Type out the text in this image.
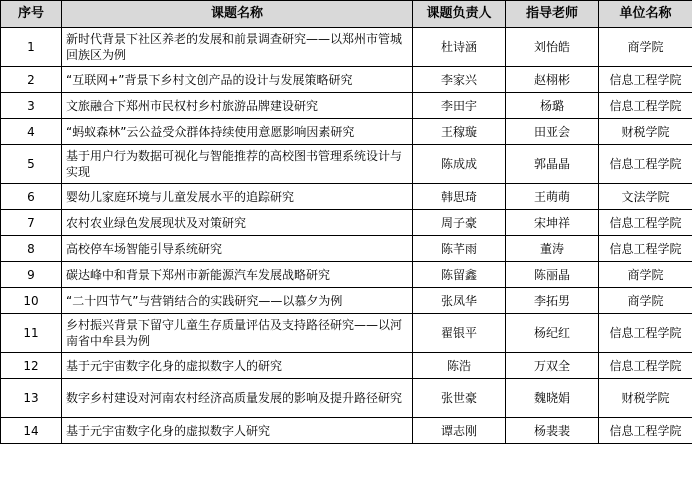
序号	课题名称	课题负责人	指导老师	单位名称
1	新时代背景下社区养老的发展和前景调查研究——以郑州市管城回族区为例	杜诗涵	刘怡皓	商学院
2	“互联网+”背景下乡村文创产品的设计与发展策略研究	李家兴	赵栩彬	信息工程学院
3	文旅融合下郑州市民权村乡村旅游品牌建设研究	李田宇	杨璐	信息工程学院
4	“蚂蚁森林”云公益受众群体持续使用意愿影响因素研究	王稼璇	田亚会	财税学院
5	基于用户行为数据可视化与智能推荐的高校图书管理系统设计与实现	陈成成	郭晶晶	信息工程学院
6	婴幼儿家庭环境与儿童发展水平的追踪研究	韩思琦	王萌萌	文法学院
7	农村农业绿色发展现状及对策研究	周子豪	宋坤祥	信息工程学院
8	高校停车场智能引导系统研究	陈芊雨	董涛	信息工程学院
9	碳达峰中和背景下郑州市新能源汽车发展战略研究	陈留鑫	陈丽晶	商学院
10	“二十四节气”与营销结合的实践研究——以慕夕为例	张凤华	李拓男	商学院
11	乡村振兴背景下留守儿童生存质量评估及支持路径研究——以河南省中牟县为例	翟银平	杨纪红	信息工程学院
12	基于元宇宙数字化身的虚拟数字人的研究	陈浩	万双全	信息工程学院
13	数字乡村建设对河南农村经济高质量发展的影响及提升路径研究	张世豪	魏晓娟	财税学院
14	基于元宇宙数字化身的虚拟数字人研究	谭志刚	杨裴裴	信息工程学院
